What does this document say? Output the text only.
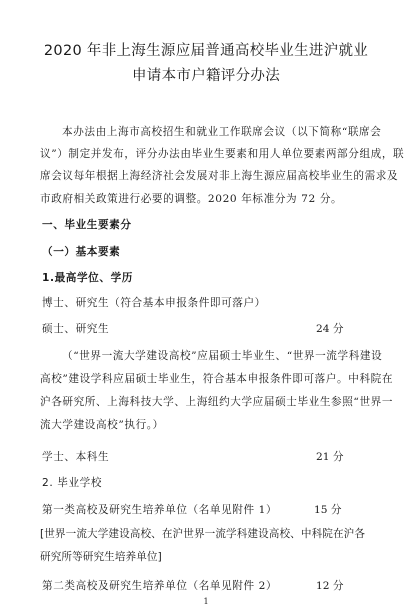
2020 年非上海生源应届普通高校毕业生进沪就业
申请本市户籍评分办法
本办法由上海市高校招生和就业工作联席会议（以下简称“联席会
议”）制定并发布，评分办法由毕业生要素和用人单位要素两部分组成，联
席会议每年根据上海经济社会发展对非上海生源应届高校毕业生的需求及
市政府相关政策进行必要的调整。2020 年标准分为 72 分。
一、毕业生要素分
（一）基本要素
1.最高学位、学历
博士、研究生（符合基本申报条件即可落户）
硕士、研究生	24 分
（“世界一流大学建设高校”应届硕士毕业生、“世界一流学科建设
高校”建设学科应届硕士毕业生，符合基本申报条件即可落户。中科院在
沪各研究所、上海科技大学、上海纽约大学应届硕士毕业生参照“世界一
流大学建设高校”执行。）
学士、本科生	21 分
2. 毕业学校
第一类高校及研究生培养单位（名单见附件 1）	15 分
[世界一流大学建设高校、在沪世界一流学科建设高校、中科院在沪各
研究所等研究生培养单位]
第二类高校及研究生培养单位（名单见附件 2）	12 分
1
